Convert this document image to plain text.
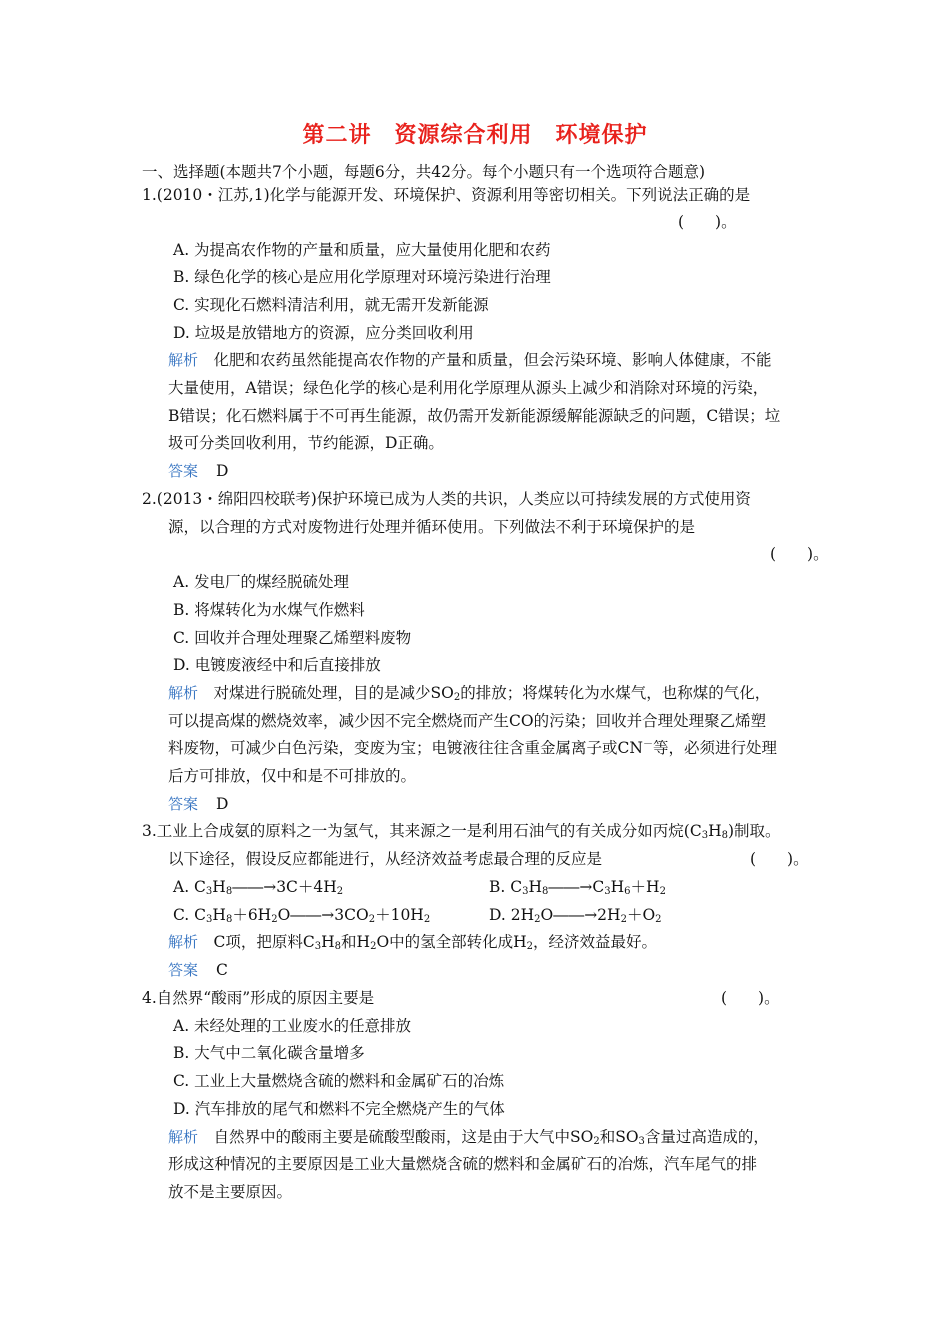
第二讲　资源综合利用　环境保护
一、选择题(本题共7个小题，每题6分，共42分。每个小题只有一个选项符合题意)
1.(2010・江苏,1)化学与能源开发、环境保护、资源利用等密切相关。下列说法正确的是
(　　)。
A. 为提高农作物的产量和质量，应大量使用化肥和农药
B. 绿色化学的核心是应用化学原理对环境污染进行治理
C. 实现化石燃料清洁利用，就无需开发新能源
D. 垃圾是放错地方的资源，应分类回收利用
解析　 化肥和农药虽然能提高农作物的产量和质量，但会污染环境、影响人体健康，不能
大量使用，A错误；绿色化学的核心是利用化学原理从源头上减少和消除对环境的污染，
B错误；化石燃料属于不可再生能源，故仍需开发新能源缓解能源缺乏的问题，C错误；垃
圾可分类回收利用，节约能源，D正确。
答案 D
2.(2013・绵阳四校联考)保护环境已成为人类的共识，人类应以可持续发展的方式使用资
源，以合理的方式对废物进行处理并循环使用。下列做法不利于环境保护的是
(　　)。
A. 发电厂的煤经脱硫处理
B. 将煤转化为水煤气作燃料
C. 回收并合理处理聚乙烯塑料废物
D. 电镀废液经中和后直接排放
解析　 对煤进行脱硫处理，目的是减少$SO_2$的排放；将煤转化为水煤气，也称煤的气化，
可以提高煤的燃烧效率，减少因不完全燃烧而产生CO的污染；回收并合理处理聚乙烯塑
料废物，可减少白色污染，变废为宝；电镀液往往含重金属离子或CN－等，必须进行处理
后方可排放，仅中和是不可排放的。
答案 D
3.工业上合成氨的原料之一为氢气，其来源之一是利用石油气的有关成分如丙烷$(C_3H_8)$制取。
以下途径，假设反应都能进行，从经济效益考虑最合理的反应是	(　　)。
A. $C_3H_8――\to 3C+4H_2$	B. $C_3H_8――\to C_3H_6+H_2$
C. $C_3H_8+6H_2O――\to 3CO_2+10H_2$	D. $2H_2O――\to 2H_2+O_2$
解析　C项，把原料$C_3H_8$和$H_2O$中的氢全部转化成$H_2$，经济效益最好。
答案 C
4.自然界“酸雨”形成的原因主要是	(　　)。
A. 未经处理的工业废水的任意排放
B. 大气中二氧化碳含量增多
C. 工业上大量燃烧含硫的燃料和金属矿石的冶炼
D. 汽车排放的尾气和燃料不完全燃烧产生的气体
解析　自然界中的酸雨主要是硫酸型酸雨，这是由于大气中$SO_2$和$SO_3$含量过高造成的，
形成这种情况的主要原因是工业大量燃烧含硫的燃料和金属矿石的冶炼，汽车尾气的排
放不是主要原因。
